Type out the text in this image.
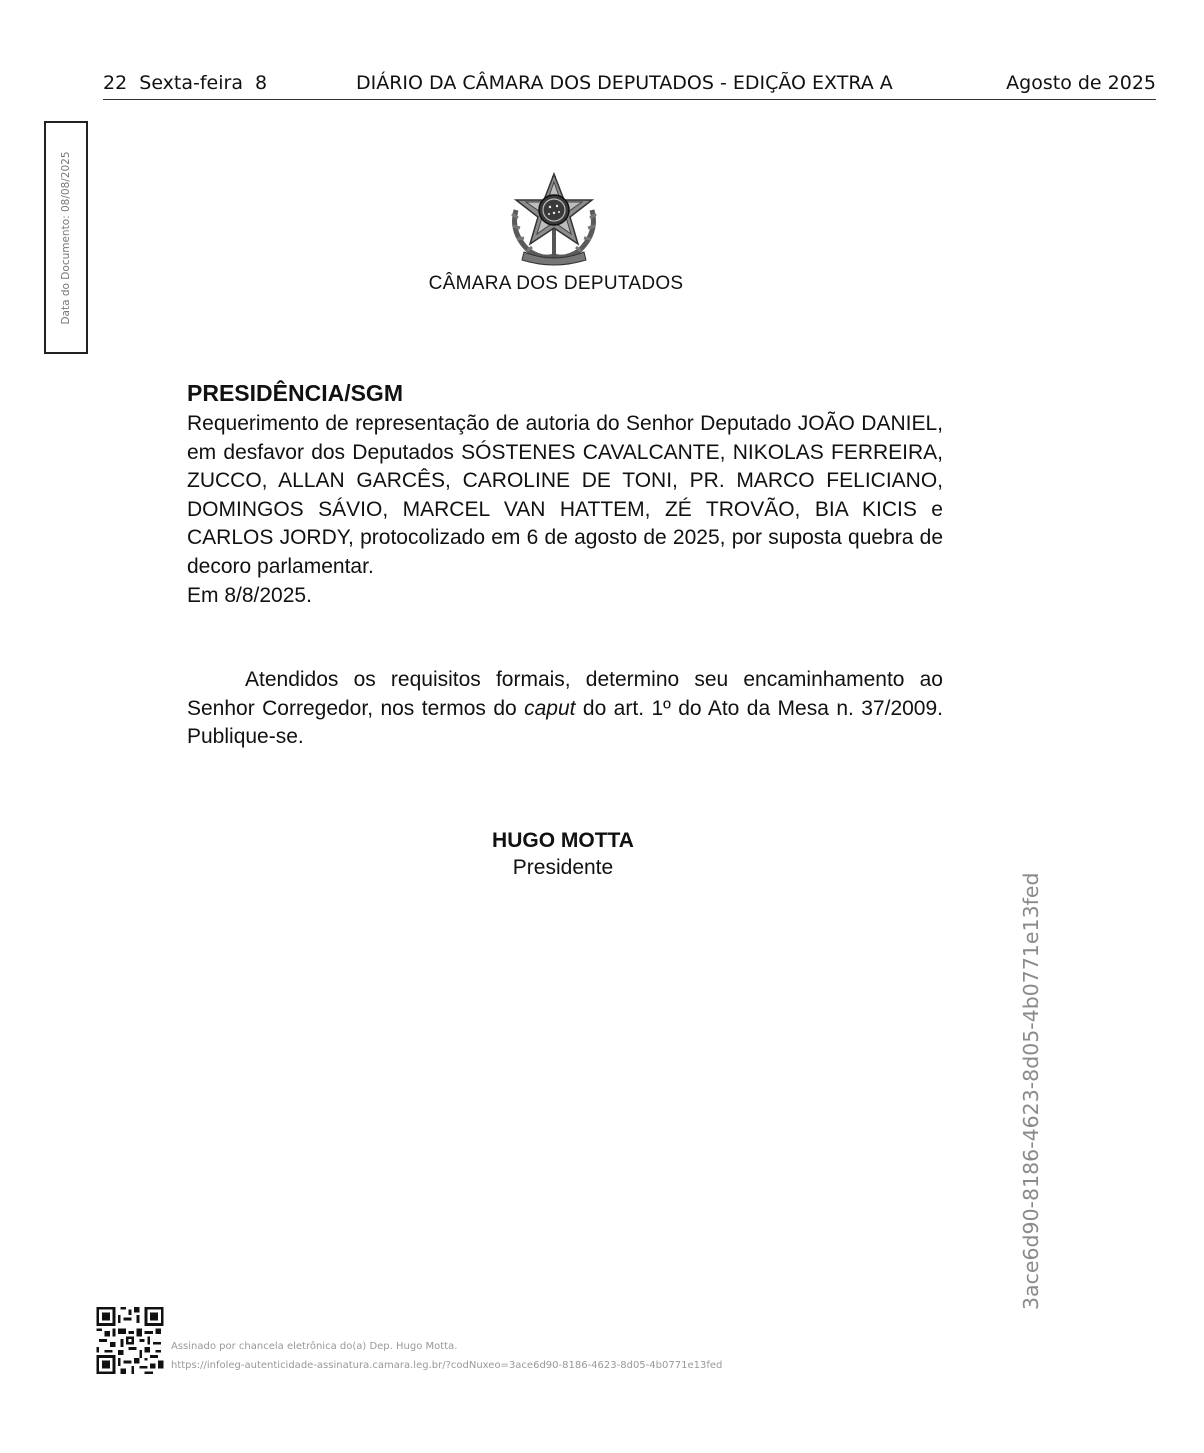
22  Sexta-feira  8	DIÁRIO DA CÂMARA DOS DEPUTADOS - EDIÇÃO EXTRA A	Agosto de 2025
Data do Documento: 08/08/2025	CÂMARA DOS DEPUTADOS
PRESIDÊNCIA/SGM
Requerimento de representação de autoria do Senhor Deputado JOÃO DANIEL, em desfavor dos Deputados SÓSTENES CAVALCANTE, NIKOLAS FERREIRA, ZUCCO, ALLAN GARCÊS, CAROLINE DE TONI, PR. MARCO FELICIANO, DOMINGOS SÁVIO, MARCEL VAN HATTEM, ZÉ TROVÃO, BIA KICIS e CARLOS JORDY, protocolizado em 6 de agosto de 2025, por suposta quebra de decoro parlamentar.
Em 8/8/2025.
Atendidos os requisitos formais, determino seu encaminhamento ao Senhor Corregedor, nos termos do caput do art. 1º do Ato da Mesa n. 37/2009. Publique-se.
HUGO MOTTA
Presidente
3ace6d90-8186-4623-8d05-4b0771e13fed
Assinado por chancela eletrônica do(a) Dep. Hugo Motta.
https://infoleg-autenticidade-assinatura.camara.leg.br/?codNuxeo=3ace6d90-8186-4623-8d05-4b0771e13fed
